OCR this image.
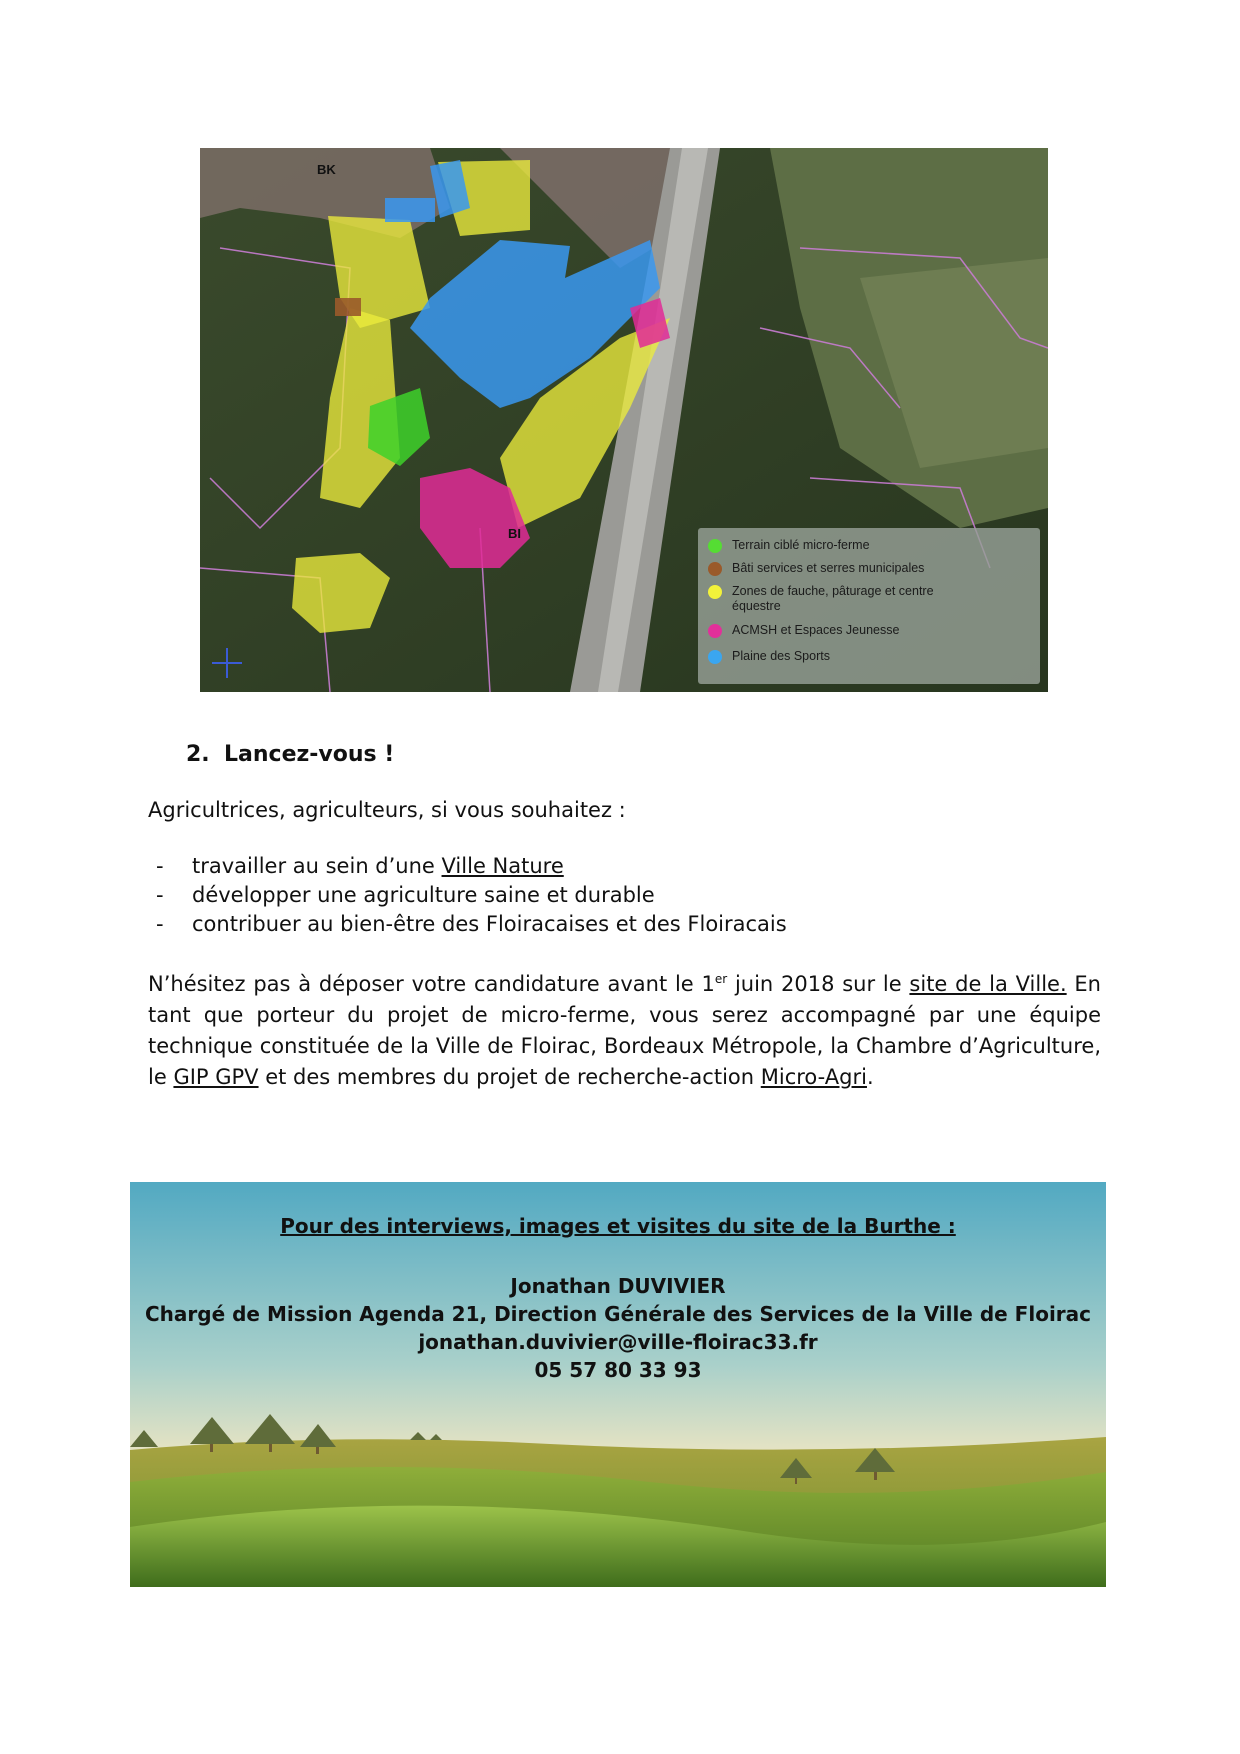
BK
BI
Terrain ciblé micro-ferme
Bâti services et serres municipales
Zones de fauche, pâturage et centre équestre
ACMSH et Espaces Jeunesse
Plaine des Sports
2. Lancez-vous !
Agricultrices, agriculteurs, si vous souhaitez :
- travailler au sein d’une Ville Nature
- développer une agriculture saine et durable
- contribuer au bien-être des Floiracaises et des Floiracais
N’hésitez pas à déposer votre candidature avant le 1er juin 2018 sur le site de la Ville. En tant que porteur du projet de micro-ferme, vous serez accompagné par une équipe technique constituée de la Ville de Floirac, Bordeaux Métropole, la Chambre d’Agriculture, le GIP GPV et des membres du projet de recherche-action Micro-Agri.
Pour des interviews, images et visites du site de la Burthe :
Jonathan DUVIVIER
Chargé de Mission Agenda 21, Direction Générale des Services de la Ville de Floirac
jonathan.duvivier@ville-floirac33.fr
05 57 80 33 93
